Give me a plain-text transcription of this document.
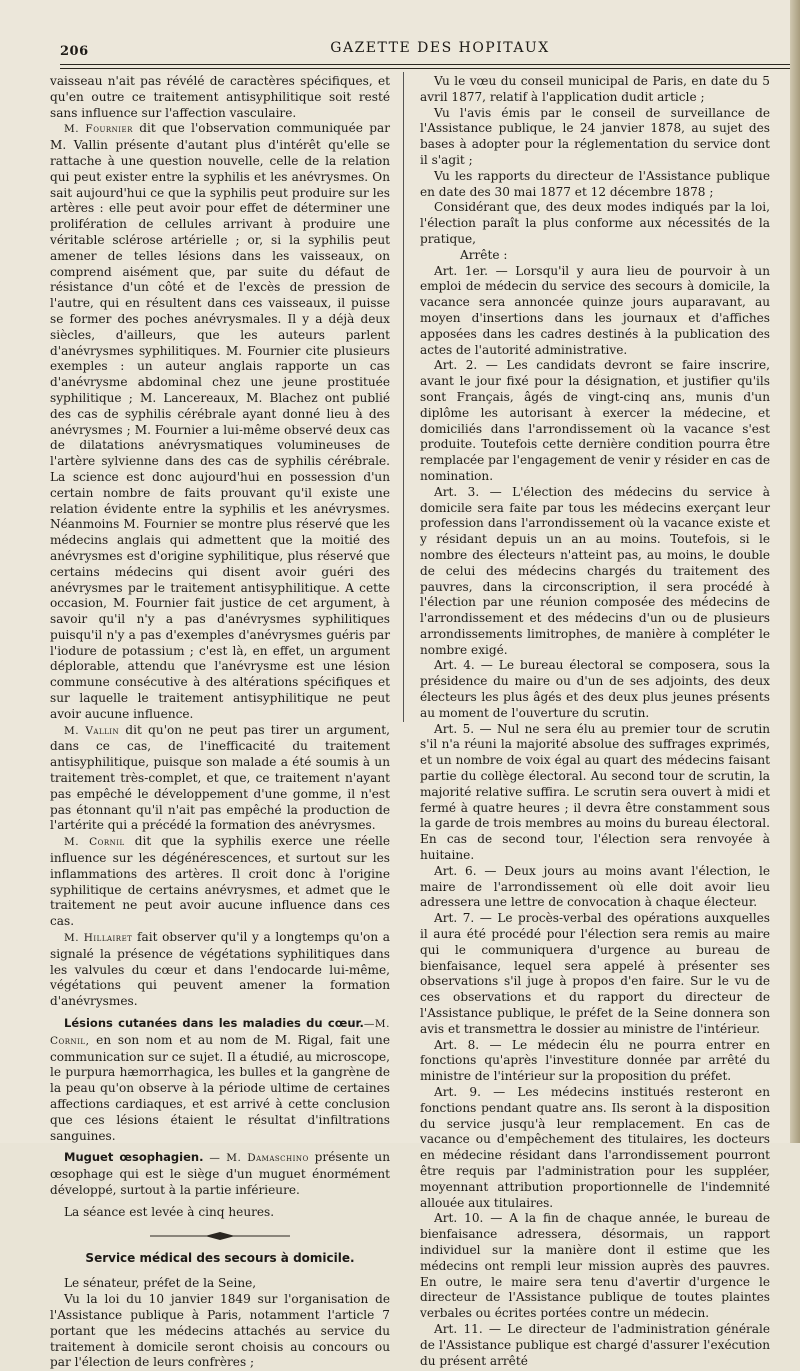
206	GAZETTE DES HOPITAUX

vaisseau n'ait pas révélé de caractères spécifiques, et qu'en outre ce traitement antisyphilitique soit resté sans influence sur l'affection vasculaire.

M. Fournier dit que l'observation communiquée par M. Vallin présente d'autant plus d'intérêt qu'elle se rattache à une question nouvelle, celle de la relation qui peut exister entre la syphilis et les anévrysmes. On sait aujourd'hui ce que la syphilis peut produire sur les artères : elle peut avoir pour effet de déterminer une prolifération de cellules arrivant à produire une véritable sclérose artérielle ; or, si la syphilis peut amener de telles lésions dans les vaisseaux, on comprend aisément que, par suite du défaut de résistance d'un côté et de l'excès de pression de l'autre, qui en résultent dans ces vaisseaux, il puisse se former des poches anévrysmales. Il y a déjà deux siècles, d'ailleurs, que les auteurs parlent d'anévrysmes syphilitiques. M. Fournier cite plusieurs exemples : un auteur anglais rapporte un cas d'anévrysme abdominal chez une jeune prostituée syphilitique ; M. Lancereaux, M. Blachez ont publié des cas de syphilis cérébrale ayant donné lieu à des anévrysmes ; M. Fournier a lui-même observé deux cas de dilatations anévrysmatiques volumineuses de l'artère sylvienne dans des cas de syphilis cérébrale. La science est donc aujourd'hui en possession d'un certain nombre de faits prouvant qu'il existe une relation évidente entre la syphilis et les anévrysmes. Néanmoins M. Fournier se montre plus réservé que les médecins anglais qui admettent que la moitié des anévrysmes est d'origine syphilitique, plus réservé que certains médecins qui disent avoir guéri des anévrysmes par le traitement antisyphilitique. A cette occasion, M. Fournier fait justice de cet argument, à savoir qu'il n'y a pas d'anévrysmes syphilitiques puisqu'il n'y a pas d'exemples d'anévrysmes guéris par l'iodure de potassium ; c'est là, en effet, un argument déplorable, attendu que l'anévrysme est une lésion commune consécutive à des altérations spécifiques et sur laquelle le traitement antisyphilitique ne peut avoir aucune influence.

M. Vallin dit qu'on ne peut pas tirer un argument, dans ce cas, de l'inefficacité du traitement antisyphilitique, puisque son malade a été soumis à un traitement très-complet, et que, ce traitement n'ayant pas empêché le développement d'une gomme, il n'est pas étonnant qu'il n'ait pas empêché la production de l'artérite qui a précédé la formation des anévrysmes.

M. Cornil dit que la syphilis exerce une réelle influence sur les dégénérescences, et surtout sur les inflammations des artères. Il croit donc à l'origine syphilitique de certains anévrysmes, et admet que le traitement ne peut avoir aucune influence dans ces cas.

M. Hillairet fait observer qu'il y a longtemps qu'on a signalé la présence de végétations syphilitiques dans les valvules du cœur et dans l'endocarde lui-même, végétations qui peuvent amener la formation d'anévrysmes.

Lésions cutanées dans les maladies du cœur.—M. Cornil, en son nom et au nom de M. Rigal, fait une communication sur ce sujet. Il a étudié, au microscope, le purpura hæmorrhagica, les bulles et la gangrène de la peau qu'on observe à la période ultime de certaines affections cardiaques, et est arrivé à cette conclusion que ces lésions étaient le résultat d'infiltrations sanguines.

Muguet œsophagien. — M. Damaschino présente un œsophage qui est le siège d'un muguet énormément développé, surtout à la partie inférieure.

La séance est levée à cinq heures.

Service médical des secours à domicile.

Le sénateur, préfet de la Seine,

Vu la loi du 10 janvier 1849 sur l'organisation de l'Assistance publique à Paris, notamment l'article 7 portant que les médecins attachés au service du traitement à domicile seront choisis au concours ou par l'élection de leurs confrères ;

Vu le vœu du conseil municipal de Paris, en date du 5 avril 1877, relatif à l'application dudit article ;

Vu l'avis émis par le conseil de surveillance de l'Assistance publique, le 24 janvier 1878, au sujet des bases à adopter pour la réglementation du service dont il s'agit ;

Vu les rapports du directeur de l'Assistance publique en date des 30 mai 1877 et 12 décembre 1878 ;

Considérant que, des deux modes indiqués par la loi, l'élection paraît la plus conforme aux nécessités de la pratique,

Arrête :

Art. 1er. — Lorsqu'il y aura lieu de pourvoir à un emploi de médecin du service des secours à domicile, la vacance sera annoncée quinze jours auparavant, au moyen d'insertions dans les journaux et d'affiches apposées dans les cadres destinés à la publication des actes de l'autorité administrative.

Art. 2. — Les candidats devront se faire inscrire, avant le jour fixé pour la désignation, et justifier qu'ils sont Français, âgés de vingt-cinq ans, munis d'un diplôme les autorisant à exercer la médecine, et domiciliés dans l'arrondissement où la vacance s'est produite. Toutefois cette dernière condition pourra être remplacée par l'engagement de venir y résider en cas de nomination.

Art. 3. — L'élection des médecins du service à domicile sera faite par tous les médecins exerçant leur profession dans l'arrondissement où la vacance existe et y résidant depuis un an au moins. Toutefois, si le nombre des électeurs n'atteint pas, au moins, le double de celui des médecins chargés du traitement des pauvres, dans la circonscription, il sera procédé à l'élection par une réunion composée des médecins de l'arrondissement et des médecins d'un ou de plusieurs arrondissements limitrophes, de manière à compléter le nombre exigé.

Art. 4. — Le bureau électoral se composera, sous la présidence du maire ou d'un de ses adjoints, des deux électeurs les plus âgés et des deux plus jeunes présents au moment de l'ouverture du scrutin.

Art. 5. — Nul ne sera élu au premier tour de scrutin s'il n'a réuni la majorité absolue des suffrages exprimés, et un nombre de voix égal au quart des médecins faisant partie du collège électoral. Au second tour de scrutin, la majorité relative suffira. Le scrutin sera ouvert à midi et fermé à quatre heures ; il devra être constamment sous la garde de trois membres au moins du bureau électoral. En cas de second tour, l'élection sera renvoyée à huitaine.

Art. 6. — Deux jours au moins avant l'élection, le maire de l'arrondissement où elle doit avoir lieu adressera une lettre de convocation à chaque électeur.

Art. 7. — Le procès-verbal des opérations auxquelles il aura été procédé pour l'élection sera remis au maire qui le communiquera d'urgence au bureau de bienfaisance, lequel sera appelé à présenter ses observations s'il juge à propos d'en faire. Sur le vu de ces observations et du rapport du directeur de l'Assistance publique, le préfet de la Seine donnera son avis et transmettra le dossier au ministre de l'intérieur.

Art. 8. — Le médecin élu ne pourra entrer en fonctions qu'après l'investiture donnée par arrêté du ministre de l'intérieur sur la proposition du préfet.

Art. 9. — Les médecins institués resteront en fonctions pendant quatre ans. Ils seront à la disposition du service jusqu'à leur remplacement. En cas de vacance ou d'empêchement des titulaires, les docteurs en médecine résidant dans l'arrondissement pourront être requis par l'administration pour les suppléer, moyennant attribution proportionnelle de l'indemnité allouée aux titulaires.

Art. 10. — A la fin de chaque année, le bureau de bienfaisance adressera, désormais, un rapport individuel sur la manière dont il estime que les médecins ont rempli leur mission auprès des pauvres. En outre, le maire sera tenu d'avertir d'urgence le directeur de l'Assistance publique de toutes plaintes verbales ou écrites portées contre un médecin.

Art. 11. — Le directeur de l'administration générale de l'Assistance publique est chargé d'assurer l'exécution du présent arrêté
